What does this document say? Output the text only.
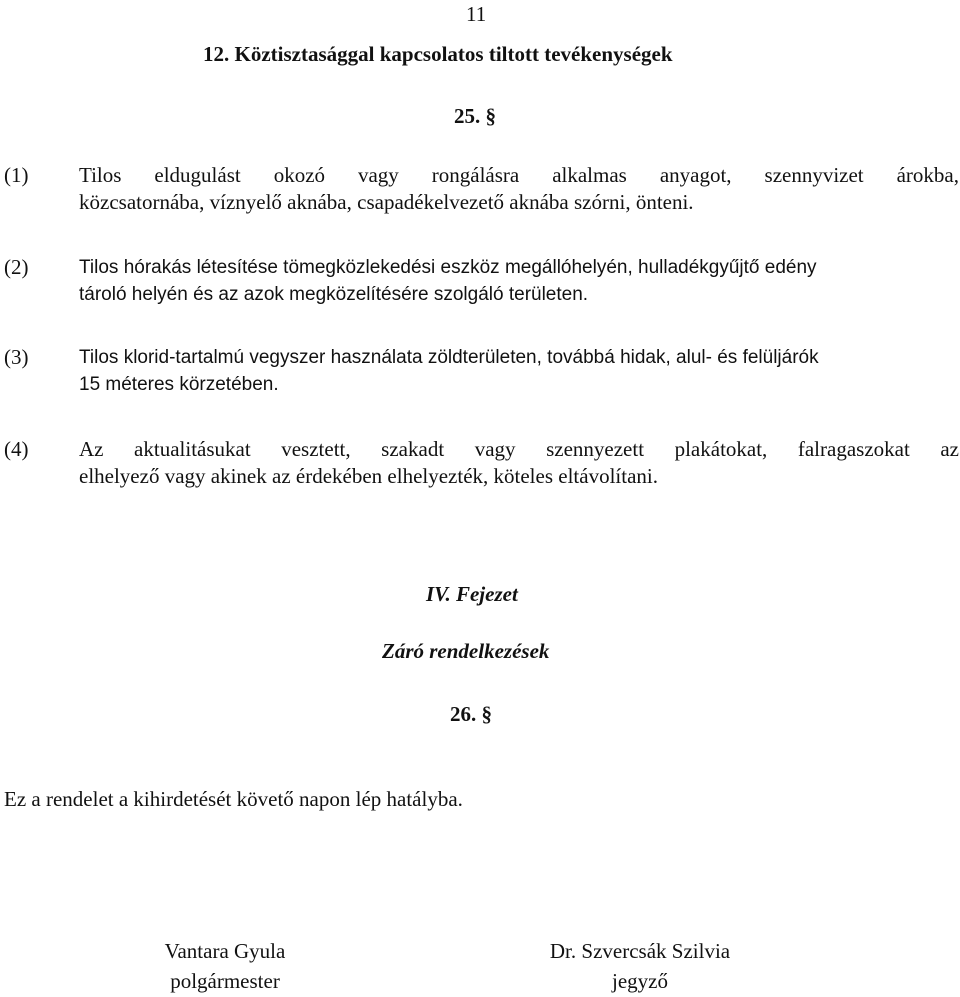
11
12. Köztisztasággal kapcsolatos tiltott tevékenységek
25. §
(1) Tilos eldugulást okozó vagy rongálásra alkalmas anyagot, szennyvizet árokba,
közcsatornába, víznyelő aknába, csapadékelvezető aknába szórni, önteni.
(2)	Tilos hórakás létesítése tömegközlekedési eszköz megállóhelyén, hulladékgyűjtő edény
tároló helyén és az azok megközelítésére szolgáló területen.
(3)	Tilos klorid-tartalmú vegyszer használata zöldterületen, továbbá hidak, alul- és felüljárók
15 méteres körzetében.
(4) Az aktualitásukat vesztett, szakadt vagy szennyezett plakátokat, falragaszokat az
elhelyező vagy akinek az érdekében elhelyezték, köteles eltávolítani.
IV. Fejezet
Záró rendelkezések
26. §
Ez a rendelet a kihirdetését követő napon lép hatályba.
Vantara Gyula
polgármester
Dr. Szvercsák Szilvia
jegyző
